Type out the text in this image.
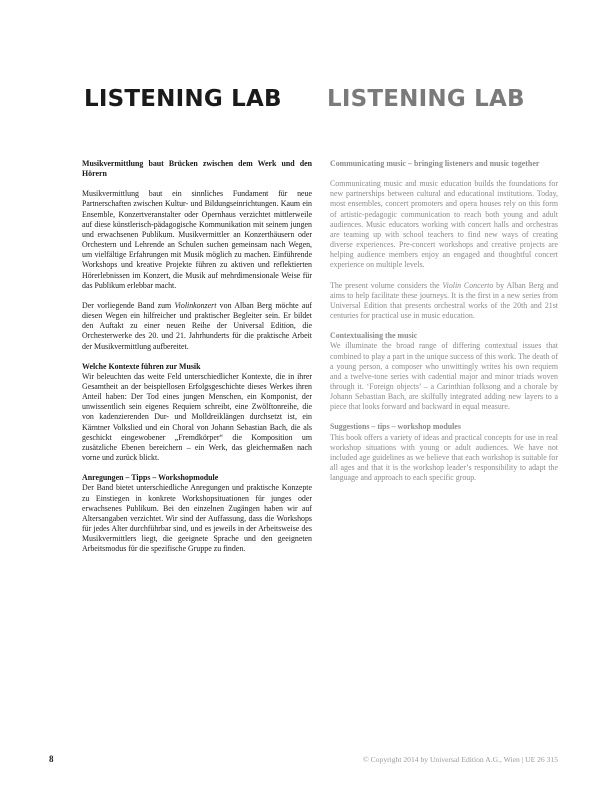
LISTENING LAB LISTENING LAB

Musikvermittlung baut Brücken zwischen dem Werk und den Hörern

Musikvermittlung baut ein sinnliches Fundament für neue Partnerschaften zwischen Kultur- und Bildungseinrichtungen. Kaum ein Ensemble, Konzertveranstalter oder Opernhaus verzichtet mittlerweile auf diese künstlerisch-pädagogische Kommunikation mit seinem jungen und erwachsenen Publikum. Musikvermittler an Konzerthäusern oder Orchestern und Lehrende an Schulen suchen gemeinsam nach Wegen, um vielfältige Erfahrungen mit Musik möglich zu machen. Einführende Workshops und kreative Projekte führen zu aktiven und reflektierten Hörerlebnissen im Konzert, die Musik auf mehrdimensionale Weise für das Publikum erlebbar macht.

Der vorliegende Band zum Violinkonzert von Alban Berg möchte auf diesen Wegen ein hilfreicher und praktischer Begleiter sein. Er bildet den Auftakt zu einer neuen Reihe der Universal Edition, die Orchesterwerke des 20. und 21. Jahrhunderts für die praktische Arbeit der Musikvermittlung aufbereitet.

Welche Kontexte führen zur Musik

Wir beleuchten das weite Feld unterschiedlicher Kontexte, die in ihrer Gesamtheit an der beispiellosen Erfolgsgeschichte dieses Werkes ihren Anteil haben: Der Tod eines jungen Menschen, ein Komponist, der unwissentlich sein eigenes Requiem schreibt, eine Zwölftonreihe, die von kadenzierenden Dur- und Molldreiklängen durchsetzt ist, ein Kärntner Volkslied und ein Choral von Johann Sebastian Bach, die als geschickt eingewobener „Fremdkörper“ die Komposition um zusätzliche Ebenen bereichern – ein Werk, das gleichermaßen nach vorne und zurück blickt.

Anregungen – Tipps – Workshopmodule

Der Band bietet unterschiedliche Anregungen und praktische Konzepte zu Einstiegen in konkrete Workshopsituationen für junges oder erwachsenes Publikum. Bei den einzelnen Zugängen haben wir auf Altersangaben verzichtet. Wir sind der Auffassung, dass die Workshops für jedes Alter durchführbar sind, und es jeweils in der Arbeitsweise des Musikvermittlers liegt, die geeignete Sprache und den geeigneten Arbeitsmodus für die spezifische Gruppe zu finden.

Communicating music – bringing listeners and music together

Communicating music and music education builds the foundations for new partnerships between cultural and educational institutions. Today, most ensembles, concert promoters and opera houses rely on this form of artistic-pedagogic communication to reach both young and adult audiences. Music educators working with concert halls and orchestras are teaming up with school teachers to find new ways of creating diverse experiences. Pre-concert workshops and creative projects are helping audience members enjoy an engaged and thoughtful concert experience on multiple levels.

The present volume considers the Violin Concerto by Alban Berg and aims to help facilitate these journeys. It is the first in a new series from Universal Edition that presents orchestral works of the 20th and 21st centuries for practical use in music education.

Contextualising the music

We illuminate the broad range of differing contextual issues that combined to play a part in the unique success of this work. The death of a young person, a composer who unwittingly writes his own requiem and a twelve-tone series with cadential major and minor triads woven through it. ‘Foreign objects’ – a Carinthian folksong and a chorale by Johann Sebastian Bach, are skilfully integrated adding new layers to a piece that looks forward and backward in equal measure.

Suggestions – tips – workshop modules

This book offers a variety of ideas and practical concepts for use in real workshop situations with young or adult audiences. We have not included age guidelines as we believe that each workshop is suitable for all ages and that it is the workshop leader’s responsibility to adapt the language and approach to each specific group.

8	© Copyright 2014 by Universal Edition A.G., Wien | UE 26 315
